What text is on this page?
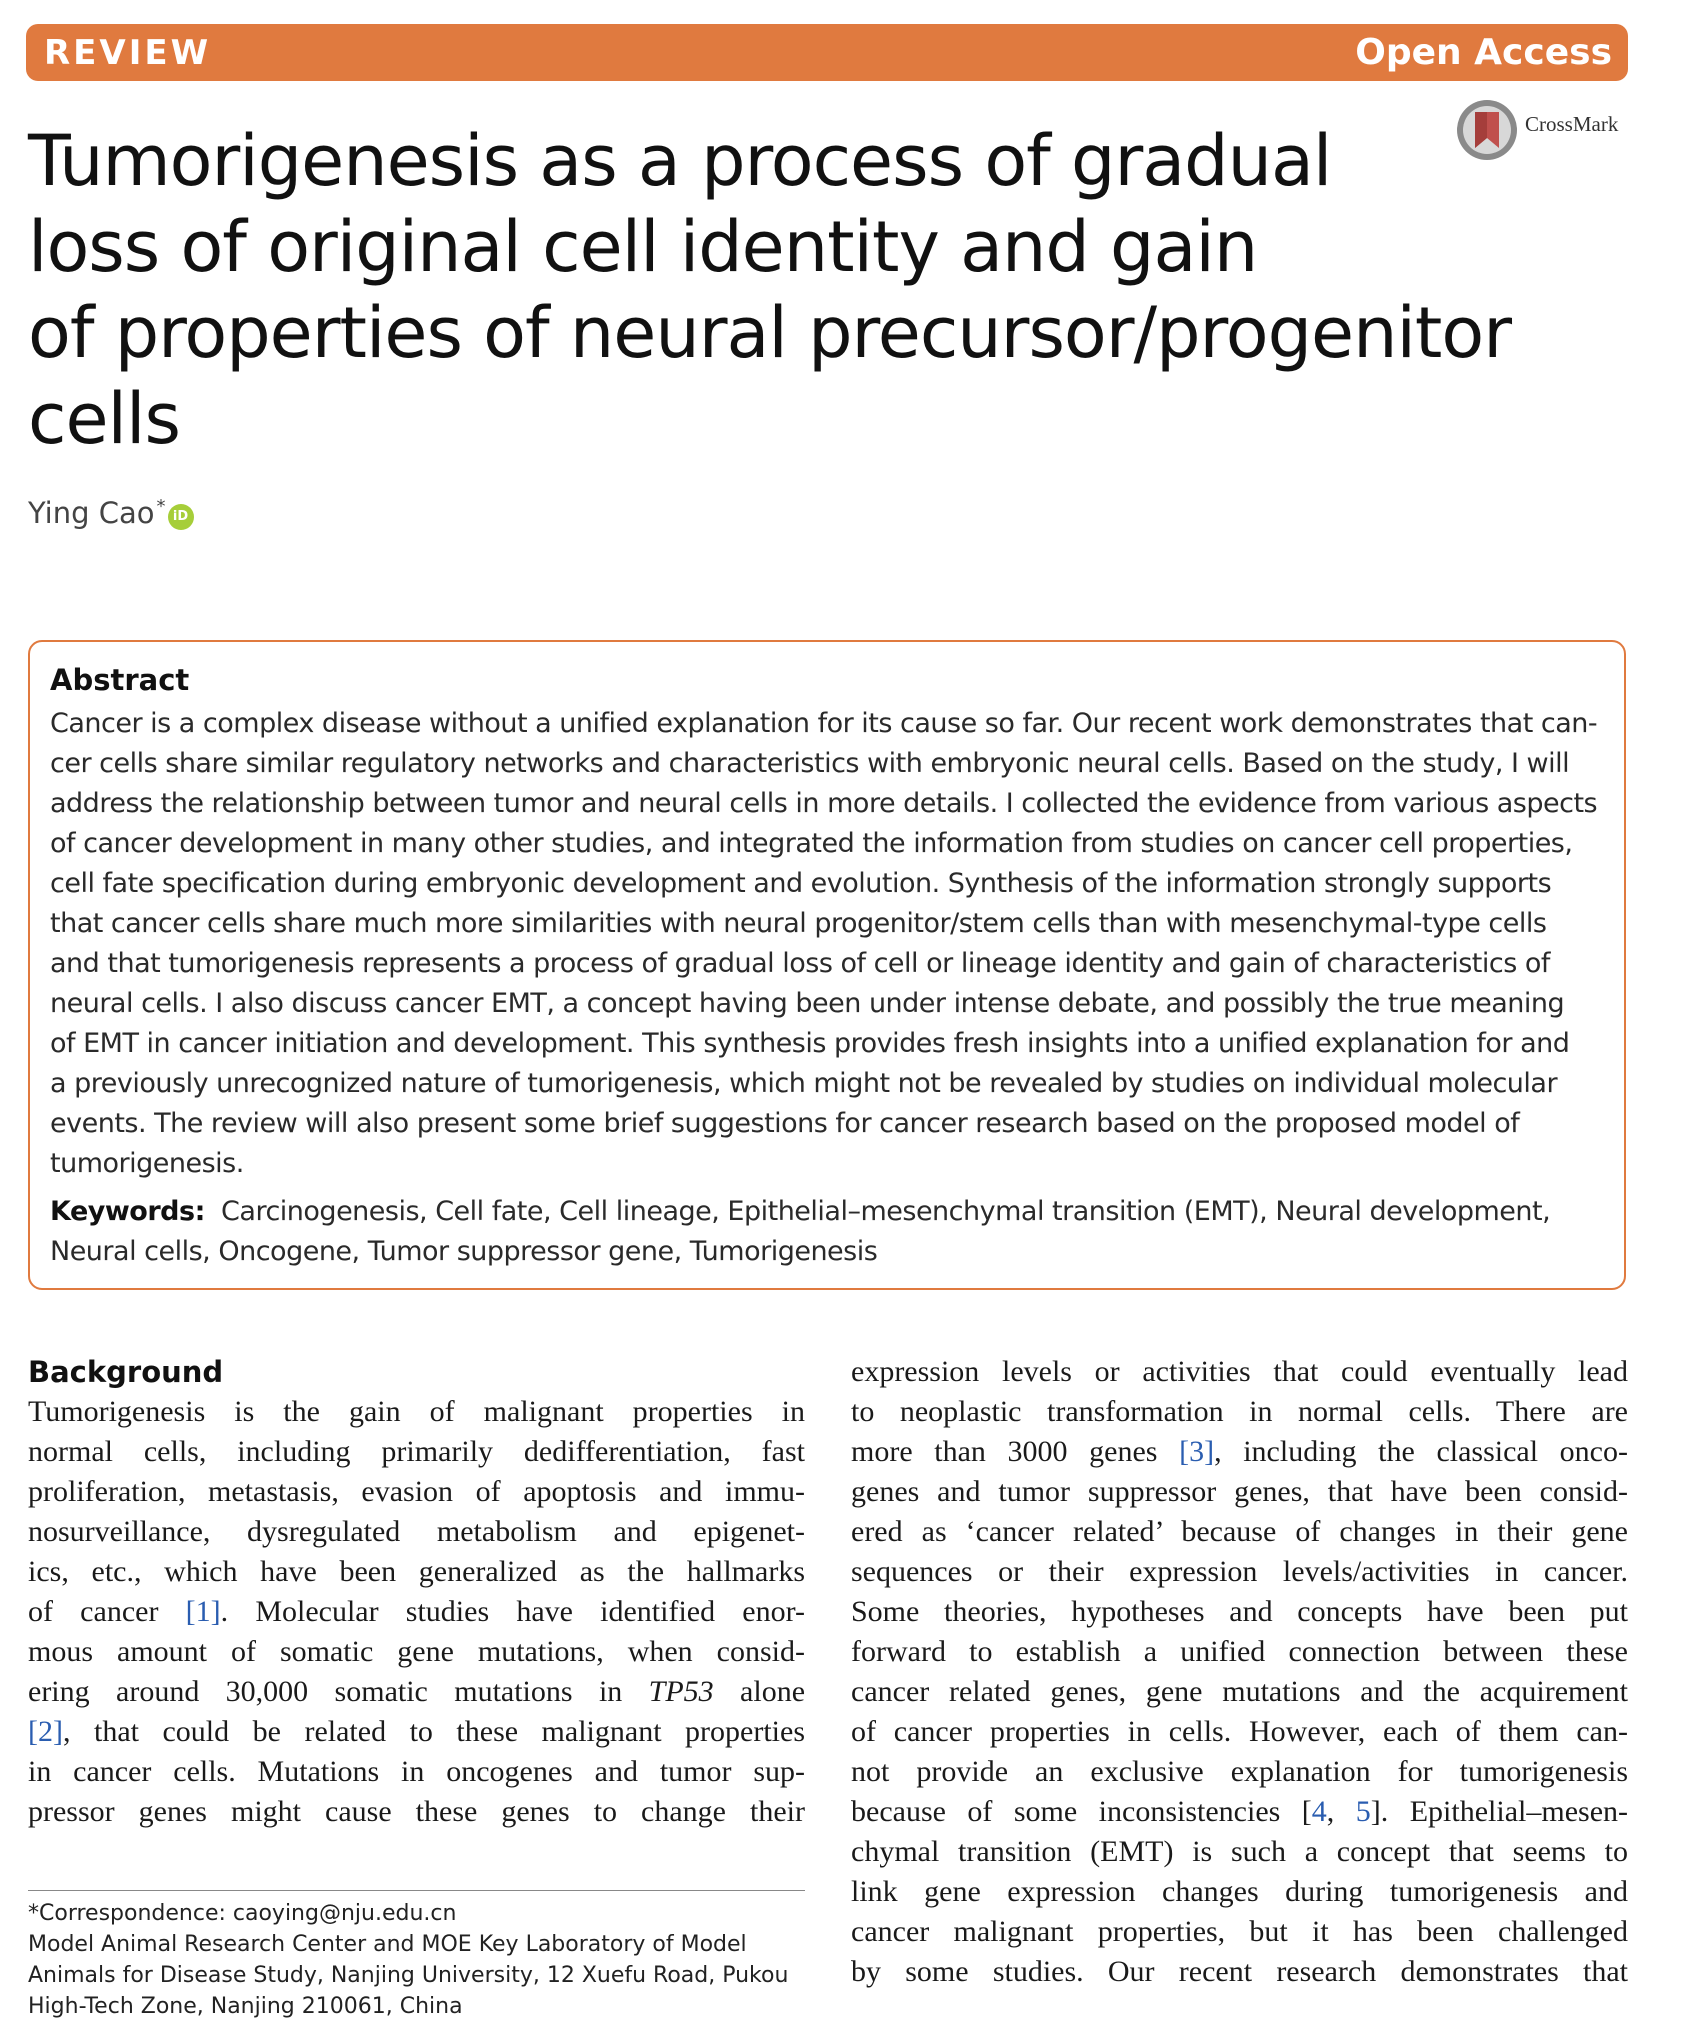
REVIEW	Open Access
CrossMark
Tumorigenesis as a process of gradual
loss of original cell identity and gain
of properties of neural precursor/progenitor
cells
Ying Cao* iD
Abstract

Cancer is a complex disease without a unified explanation for its cause so far. Our recent work demonstrates that can-

cer cells share similar regulatory networks and characteristics with embryonic neural cells. Based on the study, I will

address the relationship between tumor and neural cells in more details. I collected the evidence from various aspects

of cancer development in many other studies, and integrated the information from studies on cancer cell properties,

cell fate specification during embryonic development and evolution. Synthesis of the information strongly supports

that cancer cells share much more similarities with neural progenitor/stem cells than with mesenchymal-type cells

and that tumorigenesis represents a process of gradual loss of cell or lineage identity and gain of characteristics of

neural cells. I also discuss cancer EMT, a concept having been under intense debate, and possibly the true meaning

of EMT in cancer initiation and development. This synthesis provides fresh insights into a unified explanation for and

a previously unrecognized nature of tumorigenesis, which might not be revealed by studies on individual molecular

events. The review will also present some brief suggestions for cancer research based on the proposed model of

tumorigenesis.

Keywords: Carcinogenesis, Cell fate, Cell lineage, Epithelial–mesenchymal transition (EMT), Neural development,

Neural cells, Oncogene, Tumor suppressor gene, Tumorigenesis

Background

Tumorigenesis is the gain of malignant properties in

normal cells, including primarily dedifferentiation, fast

proliferation, metastasis, evasion of apoptosis and immu-

nosurveillance, dysregulated metabolism and epigenet-

ics, etc., which have been generalized as the hallmarks

of cancer [1]. Molecular studies have identified enor-

mous amount of somatic gene mutations, when consid-

ering around 30,000 somatic mutations in TP53 alone

[2], that could be related to these malignant properties

in cancer cells. Mutations in oncogenes and tumor sup-

pressor genes might cause these genes to change their

expression levels or activities that could eventually lead

to neoplastic transformation in normal cells. There are

more than 3000 genes [3], including the classical onco-

genes and tumor suppressor genes, that have been consid-

ered as ‘cancer related’ because of changes in their gene

sequences or their expression levels/activities in cancer.

Some theories, hypotheses and concepts have been put

forward to establish a unified connection between these

cancer related genes, gene mutations and the acquirement

of cancer properties in cells. However, each of them can-

not provide an exclusive explanation for tumorigenesis

because of some inconsistencies [4, 5]. Epithelial–mesen-

chymal transition (EMT) is such a concept that seems to

link gene expression changes during tumorigenesis and

cancer malignant properties, but it has been challenged

by some studies. Our recent research demonstrates that

*Correspondence: caoying@nju.edu.cn

Model Animal Research Center and MOE Key Laboratory of Model

Animals for Disease Study, Nanjing University, 12 Xuefu Road, Pukou

High-Tech Zone, Nanjing 210061, China
